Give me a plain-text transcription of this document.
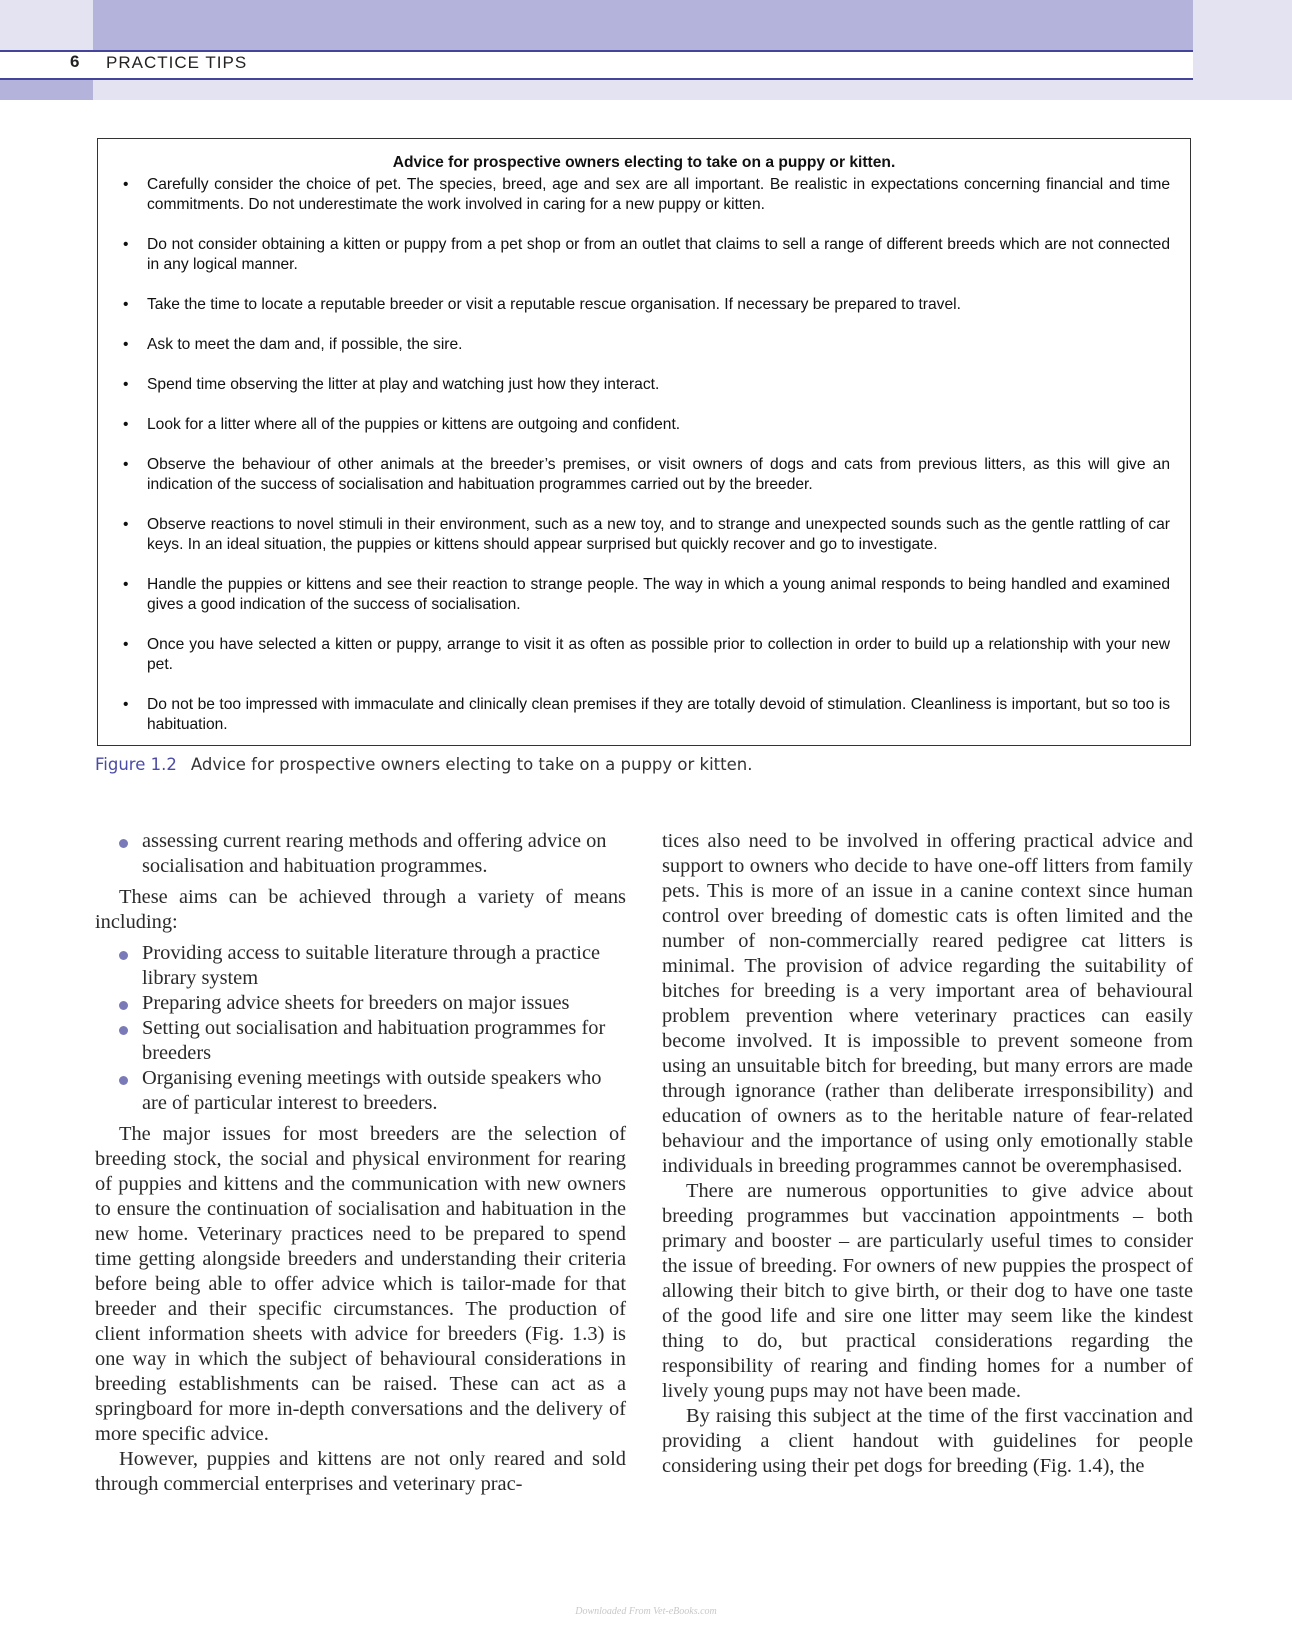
6 PRACTICE TIPS
Advice for prospective owners electing to take on a puppy or kitten.
• Carefully consider the choice of pet. The species, breed, age and sex are all important. Be realistic in expectations concerning financial and time commitments. Do not underestimate the work involved in caring for a new puppy or kitten.
• Do not consider obtaining a kitten or puppy from a pet shop or from an outlet that claims to sell a range of different breeds which are not connected in any logical manner.
• Take the time to locate a reputable breeder or visit a reputable rescue organisation. If necessary be prepared to travel.
• Ask to meet the dam and, if possible, the sire.
• Spend time observing the litter at play and watching just how they interact.
• Look for a litter where all of the puppies or kittens are outgoing and confident.
• Observe the behaviour of other animals at the breeder’s premises, or visit owners of dogs and cats from previous litters, as this will give an indication of the success of socialisation and habituation programmes carried out by the breeder.
• Observe reactions to novel stimuli in their environment, such as a new toy, and to strange and unexpected sounds such as the gentle rattling of car keys. In an ideal situation, the puppies or kittens should appear surprised but quickly recover and go to investigate.
• Handle the puppies or kittens and see their reaction to strange people. The way in which a young animal responds to being handled and examined gives a good indication of the success of socialisation.
• Once you have selected a kitten or puppy, arrange to visit it as often as possible prior to collection in order to build up a relationship with your new pet.
• Do not be too impressed with immaculate and clinically clean premises if they are totally devoid of stimulation. Cleanliness is important, but so too is habituation.
Figure 1.2 Advice for prospective owners electing to take on a puppy or kitten.
assessing current rearing methods and offering advice on socialisation and habituation programmes.

These aims can be achieved through a variety of means including:

Providing access to suitable literature through a practice library system
Preparing advice sheets for breeders on major issues
Setting out socialisation and habituation programmes for breeders
Organising evening meetings with outside speakers who are of particular interest to breeders.

The major issues for most breeders are the selection of breeding stock, the social and physical environment for rearing of puppies and kittens and the communication with new owners to ensure the continuation of socialisation and habituation in the new home. Veterinary practices need to be prepared to spend time getting alongside breeders and understanding their criteria before being able to offer advice which is tailor-made for that breeder and their specific circumstances. The production of client information sheets with advice for breeders (Fig. 1.3) is one way in which the subject of behavioural considerations in breeding establishments can be raised. These can act as a springboard for more in-depth conversations and the delivery of more specific advice.

However, puppies and kittens are not only reared and sold through commercial enterprises and veterinary prac-

tices also need to be involved in offering practical advice and support to owners who decide to have one-off litters from family pets. This is more of an issue in a canine context since human control over breeding of domestic cats is often limited and the number of non-commercially reared pedigree cat litters is minimal. The provision of advice regarding the suitability of bitches for breeding is a very important area of behavioural problem prevention where veterinary practices can easily become involved. It is impossible to prevent someone from using an unsuitable bitch for breeding, but many errors are made through ignorance (rather than deliberate irresponsibility) and education of owners as to the heritable nature of fear-related behaviour and the importance of using only emotionally stable individuals in breeding programmes cannot be overemphasised.

There are numerous opportunities to give advice about breeding programmes but vaccination appointments – both primary and booster – are particularly useful times to consider the issue of breeding. For owners of new puppies the prospect of allowing their bitch to give birth, or their dog to have one taste of the good life and sire one litter may seem like the kindest thing to do, but practical considerations regarding the responsibility of rearing and finding homes for a number of lively young pups may not have been made.

By raising this subject at the time of the first vaccination and providing a client handout with guidelines for people considering using their pet dogs for breeding (Fig. 1.4), the

Downloaded From Vet-eBooks.com
